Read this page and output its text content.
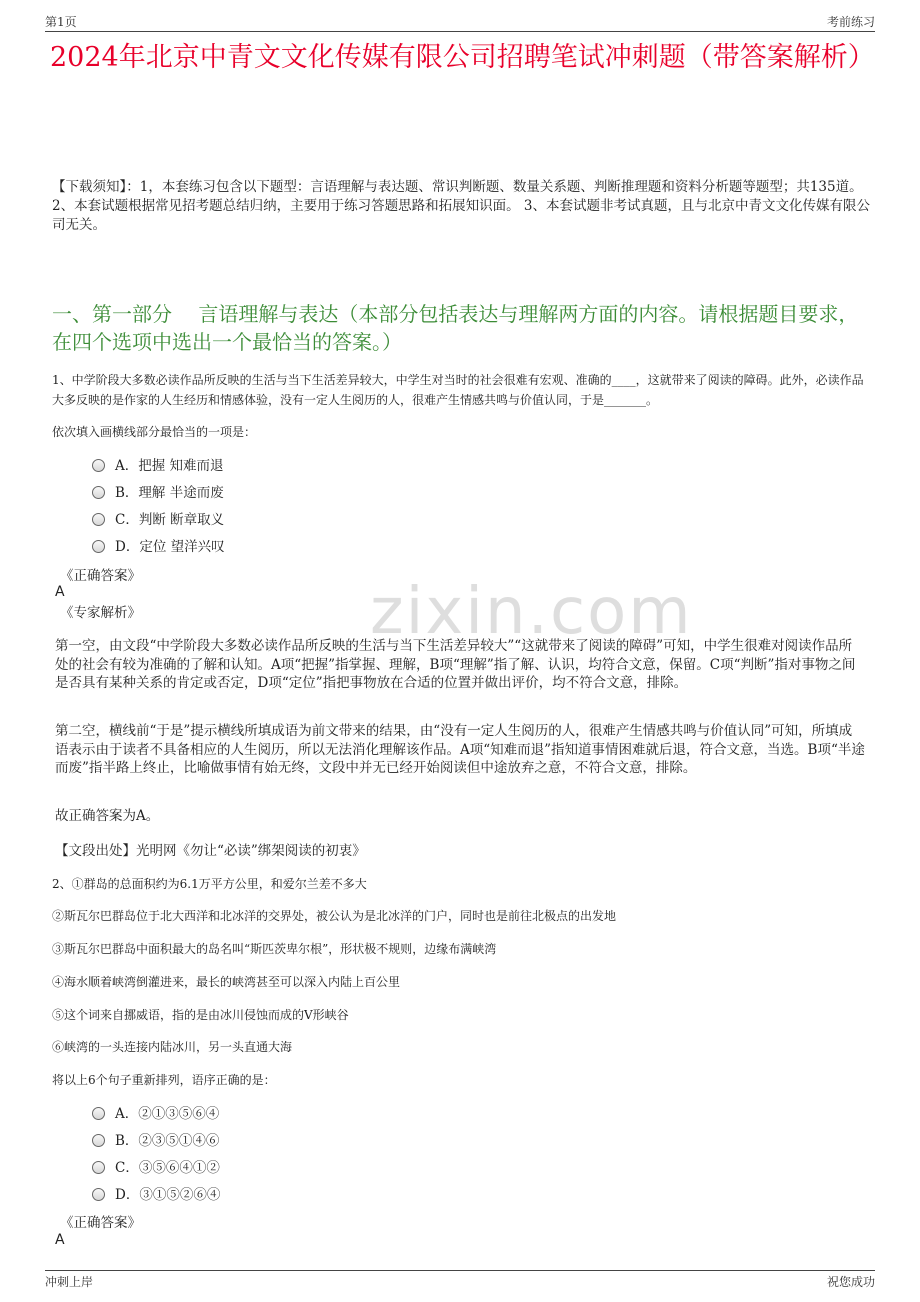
第1页	考前练习
zixin.com
2024年北京中青文文化传媒有限公司招聘笔试冲刺题（带答案解析）
【下载须知】：1，本套练习包含以下题型：言语理解与表达题、常识判断题、数量关系题、判断推理题和资料分析题等题型；共135道。 2、本套试题根据常见招考题总结归纳，主要用于练习答题思路和拓展知识面。 3、本套试题非考试真题，且与北京中青文文化传媒有限公司无关。
一、第一部分　 言语理解与表达（本部分包括表达与理解两方面的内容。请根据题目要求，在四个选项中选出一个最恰当的答案。）
1、中学阶段大多数必读作品所反映的生活与当下生活差异较大，中学生对当时的社会很难有宏观、准确的____，这就带来了阅读的障碍。此外，必读作品大多反映的是作家的人生经历和情感体验，没有一定人生阅历的人，很难产生情感共鸣与价值认同，于是_______。
依次填入画横线部分最恰当的一项是：
A．把握 知难而退
B．理解 半途而废
C．判断 断章取义
D．定位 望洋兴叹
《正确答案》
A
《专家解析》
第一空，由文段“中学阶段大多数必读作品所反映的生活与当下生活差异较大”“这就带来了阅读的障碍”可知，中学生很难对阅读作品所处的社会有较为准确的了解和认知。A项“把握”指掌握、理解，B项“理解”指了解、认识，均符合文意，保留。C项“判断”指对事物之间是否具有某种关系的肯定或否定，D项“定位”指把事物放在合适的位置并做出评价，均不符合文意，排除。
第二空，横线前“于是”提示横线所填成语为前文带来的结果，由“没有一定人生阅历的人，很难产生情感共鸣与价值认同”可知，所填成语表示由于读者不具备相应的人生阅历，所以无法消化理解该作品。A项“知难而退”指知道事情困难就后退，符合文意，当选。B项“半途而废”指半路上终止，比喻做事情有始无终，文段中并无已经开始阅读但中途放弃之意，不符合文意，排除。
故正确答案为A。
【文段出处】光明网《勿让“必读”绑架阅读的初衷》
2、①群岛的总面积约为6.1万平方公里，和爱尔兰差不多大
②斯瓦尔巴群岛位于北大西洋和北冰洋的交界处，被公认为是北冰洋的门户，同时也是前往北极点的出发地
③斯瓦尔巴群岛中面积最大的岛名叫“斯匹茨卑尔根”，形状极不规则，边缘布满峡湾
④海水顺着峡湾倒灌进来，最长的峡湾甚至可以深入内陆上百公里
⑤这个词来自挪威语，指的是由冰川侵蚀而成的V形峡谷
⑥峡湾的一头连接内陆冰川，另一头直通大海
将以上6个句子重新排列，语序正确的是：
A．②①③⑤⑥④
B．②③⑤①④⑥
C．③⑤⑥④①②
D．③①⑤②⑥④
《正确答案》
A
冲刺上岸	祝您成功
